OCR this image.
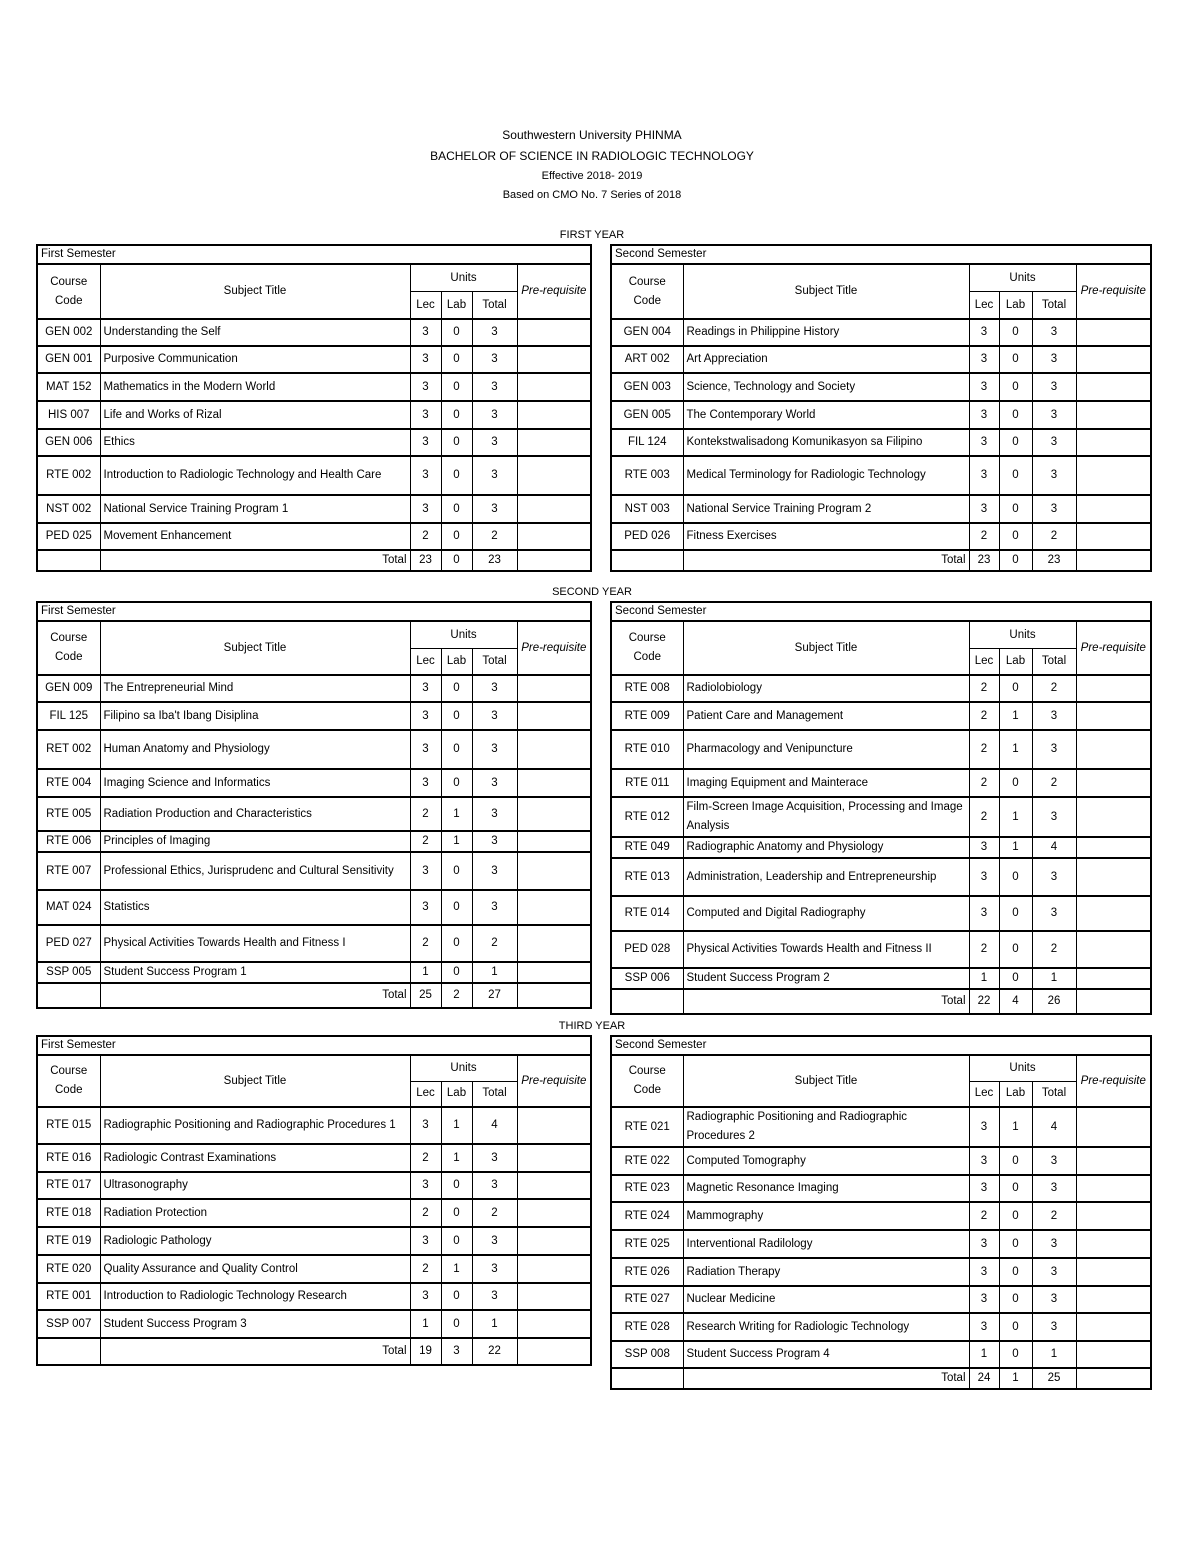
Southwestern University PHINMA
BACHELOR OF SCIENCE IN RADIOLOGIC TECHNOLOGY
Effective 2018- 2019
Based on CMO No. 7 Series of 2018
FIRST YEAR
First Semester					
Course Code	Subject Title	Units			Pre-requisite
		Lec	Lab	Total	
GEN 002	Understanding the Self	3	0	3	
GEN 001	Purposive Communication	3	0	3	
MAT 152	Mathematics in the Modern World	3	0	3	
HIS 007	Life and Works of Rizal	3	0	3	
GEN 006	Ethics	3	0	3	
RTE 002	Introduction to Radiologic Technology and Health Care	3	0	3	
NST 002	National Service Training Program 1	3	0	3	
PED 025	Movement Enhancement	2	0	2	
	Total	23	0	23	
Second Semester					
Course Code	Subject Title	Units			Pre-requisite
		Lec	Lab	Total	
GEN 004	Readings in Philippine History	3	0	3	
ART 002	Art Appreciation	3	0	3	
GEN 003	Science, Technology and Society	3	0	3	
GEN 005	The Contemporary World	3	0	3	
FIL 124	Kontekstwalisadong Komunikasyon sa Filipino	3	0	3	
RTE 003	Medical Terminology for Radiologic Technology	3	0	3	
NST 003	National Service Training Program 2	3	0	3	
PED 026	Fitness Exercises	2	0	2	
	Total	23	0	23	
SECOND YEAR
First Semester					
Course Code	Subject Title	Units			Pre-requisite
		Lec	Lab	Total	
GEN 009	The Entrepreneurial Mind	3	0	3	
FIL 125	Filipino sa Iba't Ibang Disiplina	3	0	3	
RET 002	Human Anatomy and Physiology	3	0	3	
RTE 004	Imaging Science and Informatics	3	0	3	
RTE 005	Radiation Production and Characteristics	2	1	3	
RTE 006	Principles of Imaging	2	1	3	
RTE 007	Professional Ethics, Jurisprudenc and Cultural Sensitivity	3	0	3	
MAT 024	Statistics	3	0	3	
PED 027	Physical Activities Towards Health and Fitness I	2	0	2	
SSP 005	Student Success Program 1	1	0	1	
	Total	25	2	27	
Second Semester					
Course Code	Subject Title	Units			Pre-requisite
		Lec	Lab	Total	
RTE 008	Radiolobiology	2	0	2	
RTE 009	Patient Care and Management	2	1	3	
RTE 010	Pharmacology and Venipuncture	2	1	3	
RTE 011	Imaging Equipment and Mainterace	2	0	2	
RTE 012	Film-Screen Image Acquisition, Processing and Image Analysis	2	1	3	
RTE 049	Radiographic Anatomy and Physiology	3	1	4	
RTE 013	Administration, Leadership and Entrepreneurship	3	0	3	
RTE 014	Computed and Digital Radiography	3	0	3	
PED 028	Physical Activities Towards Health and Fitness II	2	0	2	
SSP 006	Student Success Program 2	1	0	1	
	Total	22	4	26	
THIRD YEAR
First Semester					
Course Code	Subject Title	Units			Pre-requisite
		Lec	Lab	Total	
RTE 015	Radiographic Positioning and Radiographic Procedures 1	3	1	4	
RTE 016	Radiologic Contrast Examinations	2	1	3	
RTE 017	Ultrasonography	3	0	3	
RTE 018	Radiation Protection	2	0	2	
RTE 019	Radiologic Pathology	3	0	3	
RTE 020	Quality Assurance and Quality Control	2	1	3	
RTE 001	Introduction to Radiologic Technology Research	3	0	3	
SSP 007	Student Success Program 3	1	0	1	
	Total	19	3	22	
Second Semester					
Course Code	Subject Title	Units			Pre-requisite
		Lec	Lab	Total	
RTE 021	Radiographic Positioning and Radiographic Procedures 2	3	1	4	
RTE 022	Computed Tomography	3	0	3	
RTE 023	Magnetic Resonance Imaging	3	0	3	
RTE 024	Mammography	2	0	2	
RTE 025	Interventional Radilology	3	0	3	
RTE 026	Radiation Therapy	3	0	3	
RTE 027	Nuclear Medicine	3	0	3	
RTE 028	Research Writing for Radiologic Technology	3	0	3	
SSP 008	Student Success Program 4	1	0	1	
	Total	24	1	25	
